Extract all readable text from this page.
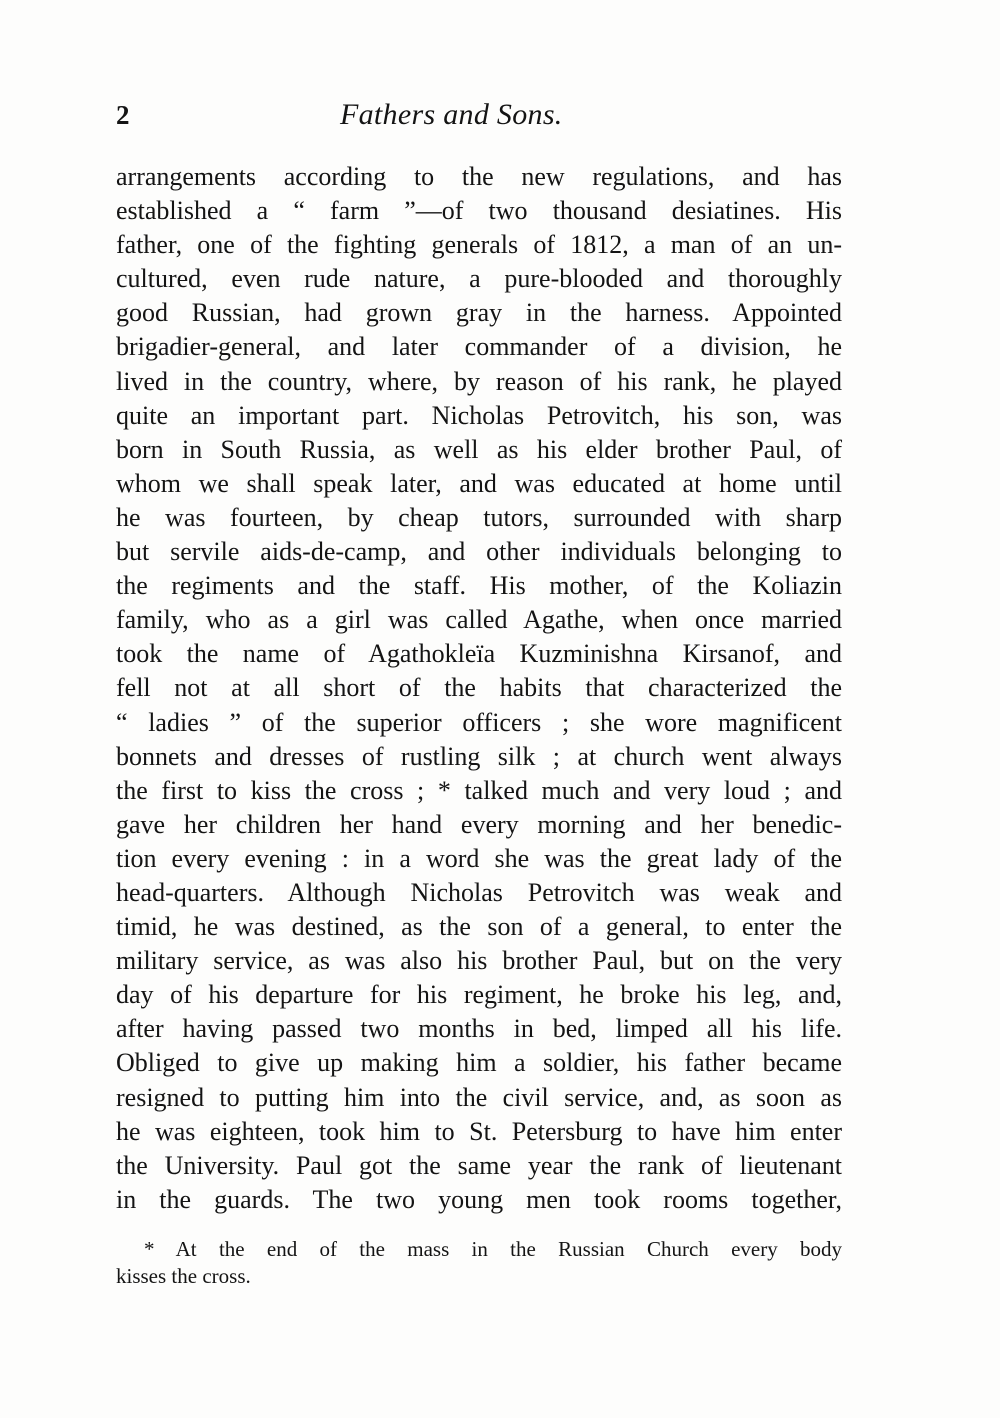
2	Fathers and Sons.
arrangements according to the new regulations, and has
established a “ farm ”—of two thousand desiatines. His
father, one of the fighting generals of 1812, a man of an un-
cultured, even rude nature, a pure-blooded and thoroughly
good Russian, had grown gray in the harness. Appointed
brigadier-general, and later commander of a division, he
lived in the country, where, by reason of his rank, he played
quite an important part. Nicholas Petrovitch, his son, was
born in South Russia, as well as his elder brother Paul, of
whom we shall speak later, and was educated at home until
he was fourteen, by cheap tutors, surrounded with sharp
but servile aids-de-camp, and other individuals belonging to
the regiments and the staff. His mother, of the Koliazin
family, who as a girl was called Agathe, when once married
took the name of Agathokleïa Kuzminishna Kirsanof, and
fell not at all short of the habits that characterized the
“ ladies ” of the superior officers ; she wore magnificent
bonnets and dresses of rustling silk ; at church went always
the first to kiss the cross ; * talked much and very loud ; and
gave her children her hand every morning and her benedic-
tion every evening : in a word she was the great lady of the
head-quarters. Although Nicholas Petrovitch was weak and
timid, he was destined, as the son of a general, to enter the
military service, as was also his brother Paul, but on the very
day of his departure for his regiment, he broke his leg, and,
after having passed two months in bed, limped all his life.
Obliged to give up making him a soldier, his father became
resigned to putting him into the civil service, and, as soon as
he was eighteen, took him to St. Petersburg to have him enter
the University. Paul got the same year the rank of lieutenant
in the guards. The two young men took rooms together,
* At the end of the mass in the Russian Church every body
kisses the cross.
